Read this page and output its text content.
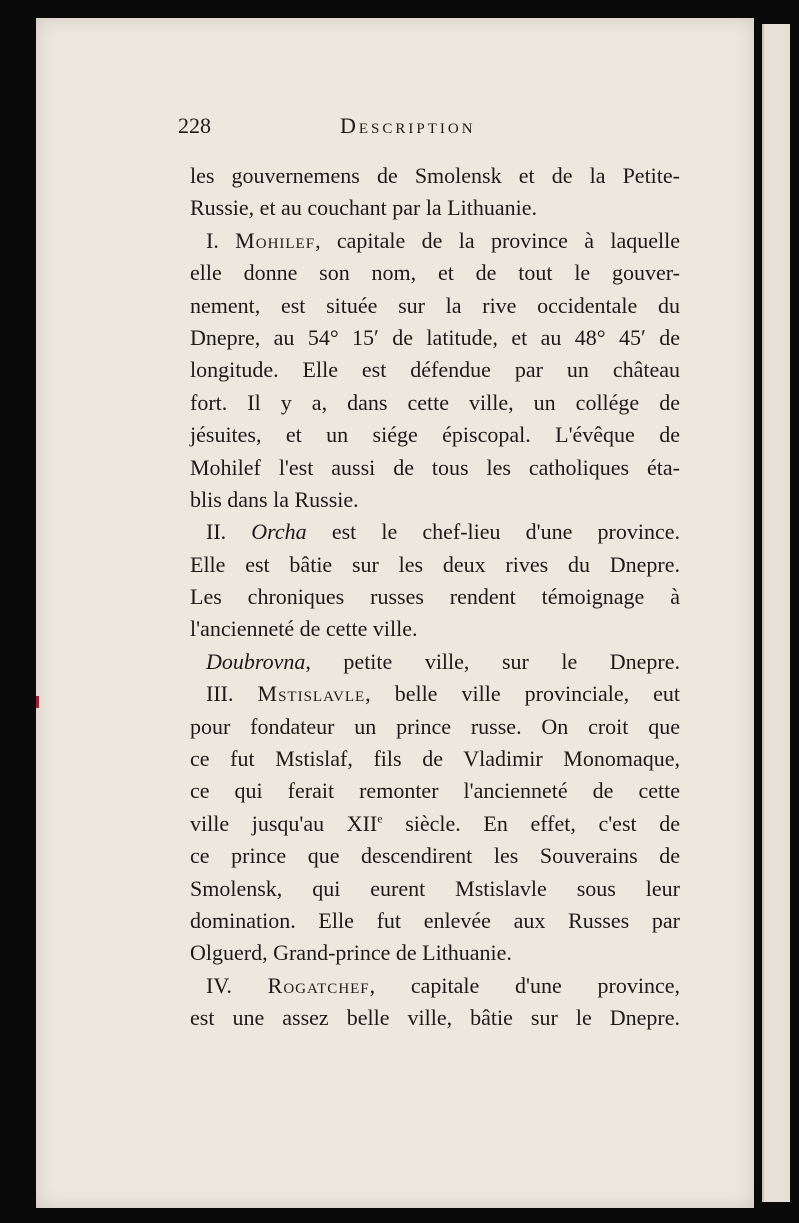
228	Description
les gouvernemens de Smolensk et de la Petite-
Russie, et au couchant par la Lithuanie.
I. Mohilef, capitale de la province à laquelle
elle donne son nom, et de tout le gouver-
nement, est située sur la rive occidentale du
Dnepre, au 54° 15ʹ de latitude, et au 48° 45ʹ de
longitude. Elle est défendue par un château
fort. Il y a, dans cette ville, un collége de
jésuites, et un siége épiscopal. L'évêque de
Mohilef l'est aussi de tous les catholiques éta-
blis dans la Russie.
II. Orcha est le chef-lieu d'une province.
Elle est bâtie sur les deux rives du Dnepre.
Les chroniques russes rendent témoignage à
l'ancienneté de cette ville.
Doubrovna, petite ville, sur le Dnepre.
III. Mstislavle, belle ville provinciale, eut
pour fondateur un prince russe. On croit que
ce fut Mstislaf, fils de Vladimir Monomaque,
ce qui ferait remonter l'ancienneté de cette
ville jusqu'au XIIe siècle. En effet, c'est de
ce prince que descendirent les Souverains de
Smolensk, qui eurent Mstislavle sous leur
domination. Elle fut enlevée aux Russes par
Olguerd, Grand-prince de Lithuanie.
IV. Rogatchef, capitale d'une province,
est une assez belle ville, bâtie sur le Dnepre.
